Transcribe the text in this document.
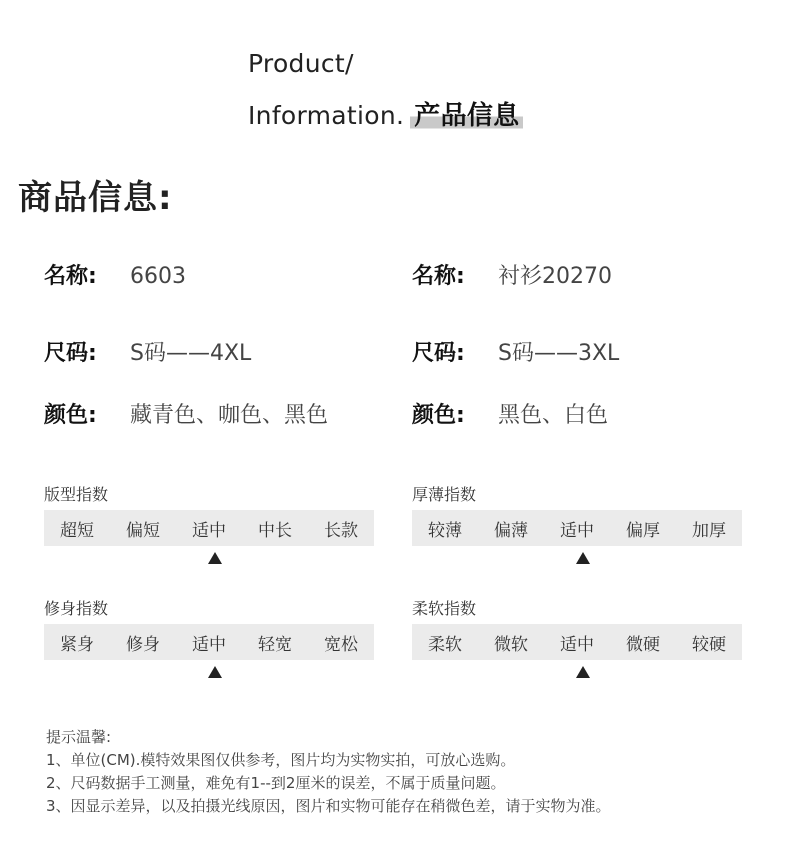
Product/
Information. 产品信息
商品信息:
名称: 6603
尺码: S码——4XL
颜色: 藏青色、咖色、黑色
名称: 衬衫20270
尺码: S码——3XL
颜色: 黑色、白色
版型指数
超短	偏短	适中	中长	长款
厚薄指数
较薄	偏薄	适中	偏厚	加厚
修身指数
紧身	修身	适中	轻宽	宽松
柔软指数
柔软	微软	适中	微硬	较硬
提示温馨:
1、单位(CM).模特效果图仅供参考，图片均为实物实拍，可放心选购。
2、尺码数据手工测量，难免有1--到2厘米的误差，不属于质量问题。
3、因显示差异，以及拍摄光线原因，图片和实物可能存在稍微色差，请于实物为准。
